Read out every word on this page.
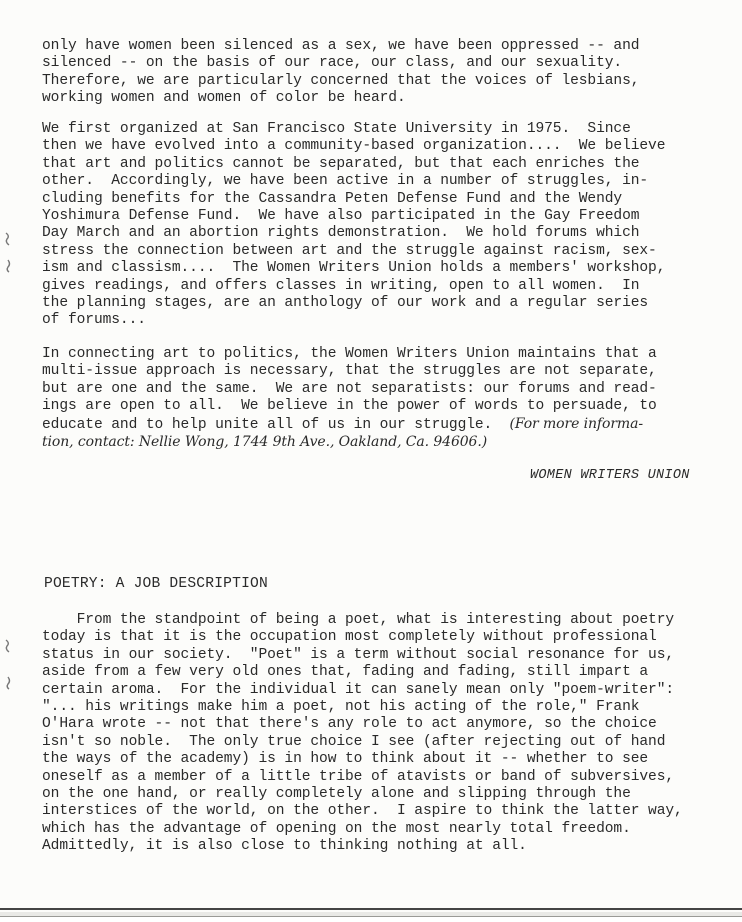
only have women been silenced as a sex, we have been oppressed -- and
silenced -- on the basis of our race, our class, and our sexuality.
Therefore, we are particularly concerned that the voices of lesbians,
working women and women of color be heard.

We first organized at San Francisco State University in 1975.  Since
then we have evolved into a community-based organization....  We believe
that art and politics cannot be separated, but that each enriches the
other.  Accordingly, we have been active in a number of struggles, in-
cluding benefits for the Cassandra Peten Defense Fund and the Wendy
Yoshimura Defense Fund.  We have also participated in the Gay Freedom
Day March and an abortion rights demonstration.  We hold forums which
stress the connection between art and the struggle against racism, sex-
ism and classism....  The Women Writers Union holds a members' workshop,
gives readings, and offers classes in writing, open to all women.  In
the planning stages, are an anthology of our work and a regular series
of forums...

In connecting art to politics, the Women Writers Union maintains that a
multi-issue approach is necessary, that the struggles are not separate,
but are one and the same.  We are not separatists: our forums and read-
ings are open to all.  We believe in the power of words to persuade, to
educate and to help unite all of us in our struggle.  (For more informa-
tion, contact: Nellie Wong, 1744 9th Ave., Oakland, Ca. 94606.)

WOMEN WRITERS UNION
POETRY: A JOB DESCRIPTION

From the standpoint of being a poet, what is interesting about poetry
today is that it is the occupation most completely without professional
status in our society.  "Poet" is a term without social resonance for us,
aside from a few very old ones that, fading and fading, still impart a
certain aroma.  For the individual it can sanely mean only "poem-writer":
"... his writings make him a poet, not his acting of the role," Frank
O'Hara wrote -- not that there's any role to act anymore, so the choice
isn't so noble.  The only true choice I see (after rejecting out of hand
the ways of the academy) is in how to think about it -- whether to see
oneself as a member of a little tribe of atavists or band of subversives,
on the one hand, or really completely alone and slipping through the
interstices of the world, on the other.  I aspire to think the latter way,
which has the advantage of opening on the most nearly total freedom.
Admittedly, it is also close to thinking nothing at all.
